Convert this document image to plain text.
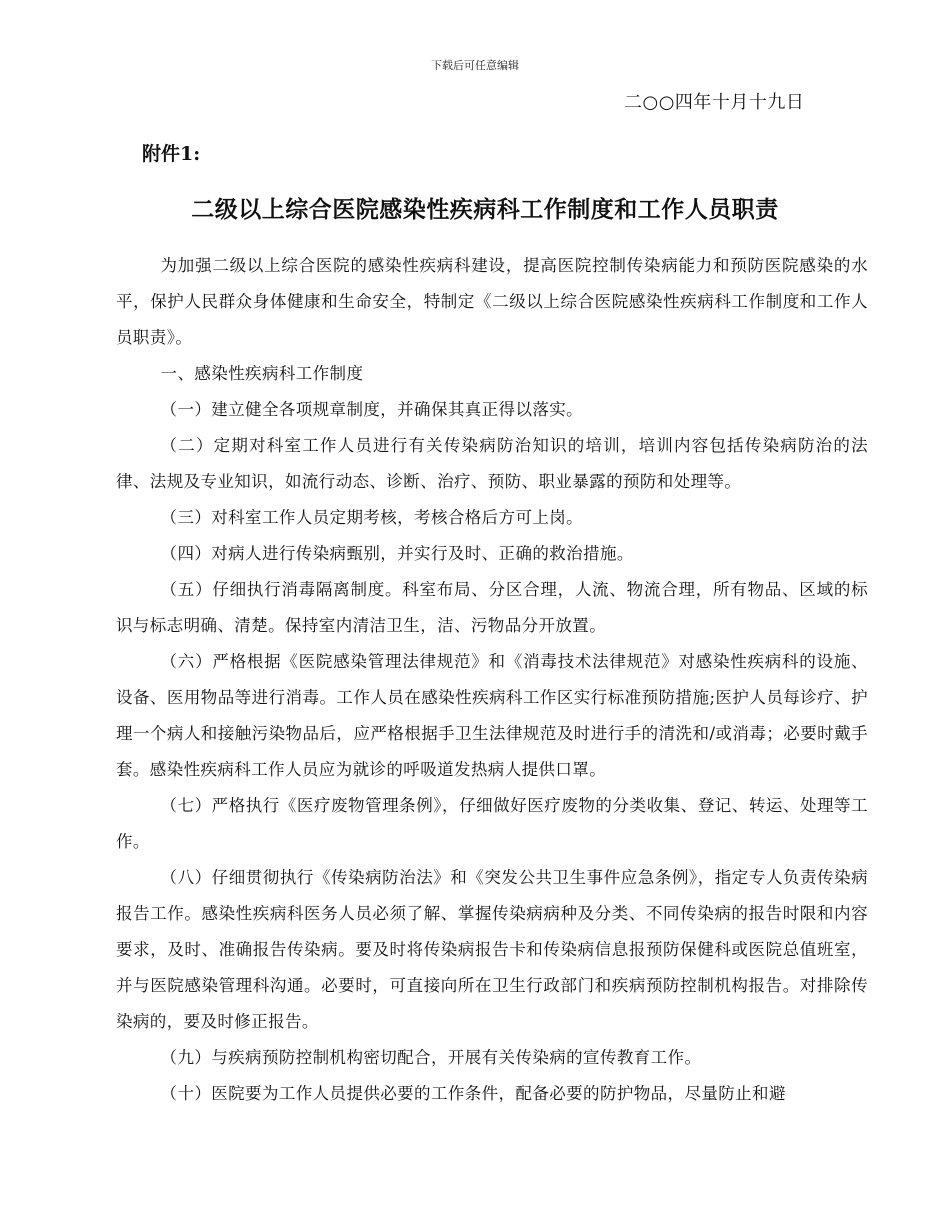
下载后可任意编辑
二○○四年十月十九日
附件1:
二级以上综合医院感染性疾病科工作制度和工作人员职责

为加强二级以上综合医院的感染性疾病科建设，提高医院控制传染病能力和预防医院感染的水平，保护人民群众身体健康和生命安全，特制定《二级以上综合医院感染性疾病科工作制度和工作人员职责》。

一、感染性疾病科工作制度

（一）建立健全各项规章制度，并确保其真正得以落实。

（二）定期对科室工作人员进行有关传染病防治知识的培训，培训内容包括传染病防治的法律、法规及专业知识，如流行动态、诊断、治疗、预防、职业暴露的预防和处理等。

（三）对科室工作人员定期考核，考核合格后方可上岗。

（四）对病人进行传染病甄别，并实行及时、正确的救治措施。

（五）仔细执行消毒隔离制度。科室布局、分区合理，人流、物流合理，所有物品、区域的标识与标志明确、清楚。保持室内清洁卫生，洁、污物品分开放置。

（六）严格根据《医院感染管理法律规范》和《消毒技术法律规范》对感染性疾病科的设施、设备、医用物品等进行消毒。工作人员在感染性疾病科工作区实行标准预防措施;医护人员每诊疗、护理一个病人和接触污染物品后，应严格根据手卫生法律规范及时进行手的清洗和/或消毒；必要时戴手套。感染性疾病科工作人员应为就诊的呼吸道发热病人提供口罩。

（七）严格执行《医疗废物管理条例》，仔细做好医疗废物的分类收集、登记、转运、处理等工作。

（八）仔细贯彻执行《传染病防治法》和《突发公共卫生事件应急条例》，指定专人负责传染病报告工作。感染性疾病科医务人员必须了解、掌握传染病病种及分类、不同传染病的报告时限和内容要求，及时、准确报告传染病。要及时将传染病报告卡和传染病信息报预防保健科或医院总值班室，并与医院感染管理科沟通。必要时，可直接向所在卫生行政部门和疾病预防控制机构报告。对排除传染病的，要及时修正报告。

（九）与疾病预防控制机构密切配合，开展有关传染病的宣传教育工作。

（十）医院要为工作人员提供必要的工作条件，配备必要的防护物品，尽量防止和避
